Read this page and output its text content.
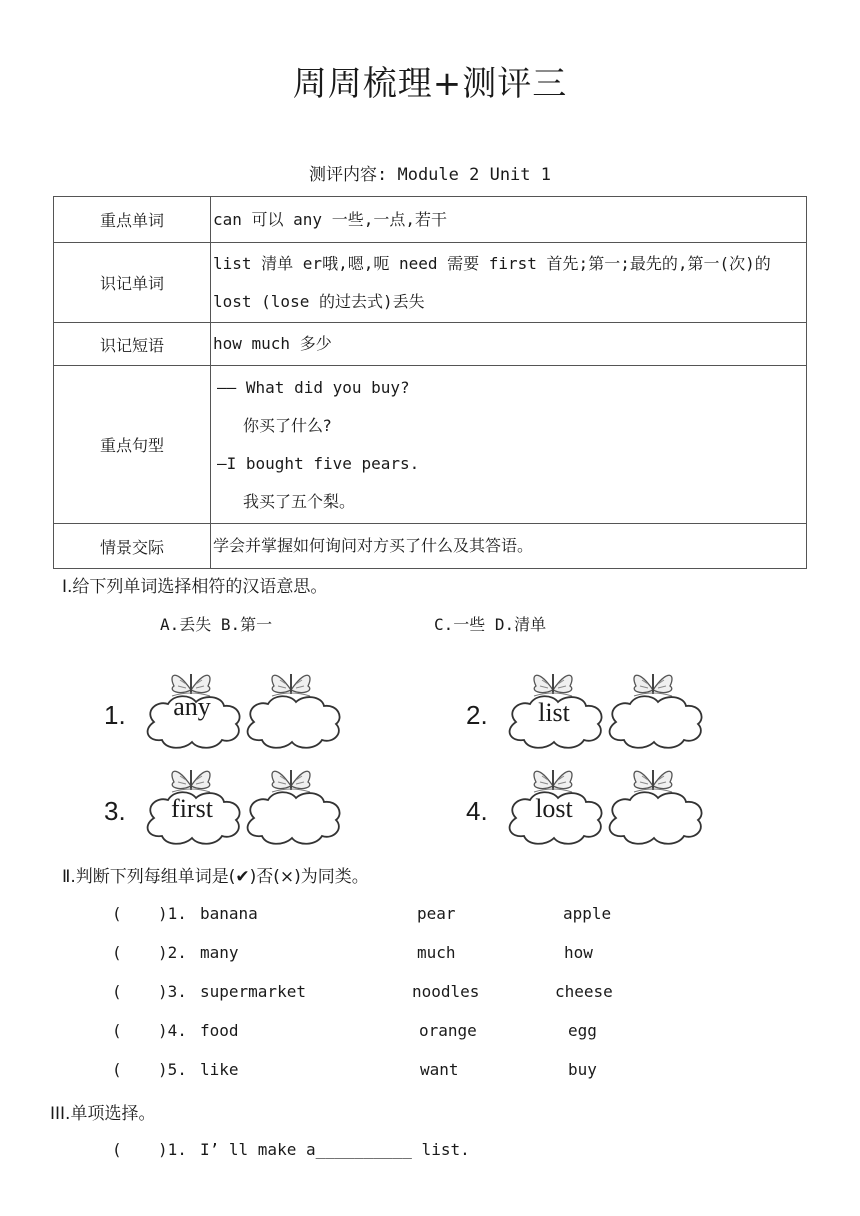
周周梳理+测评三
测评内容: Module 2 Unit 1
重点单词	can 可以 any 一些,一点,若干
识记单词	list 清单 er哦,嗯,呃 need 需要 first 首先;第一;最先的,第一(次)的 lost (lose 的过去式)丢失
识记短语	how much 多少
重点句型	—— What did you buy?
你买了什么?
—I bought five pears.
我买了五个梨。

情景交际	学会并掌握如何询问对方买了什么及其答语。
Ⅰ.给下列单词选择相符的汉语意思。
A.丢失 B.第一	C.一些 D.清单
1.	any	2.	list
3.	first	4.	lost
Ⅱ.判断下列每组单词是(✔)否(×)为同类。
( )1. banana	pear	apple
( )2. many	much	how
( )3. supermarket	noodles	cheese
( )4. food	orange	egg
( )5. like	want	buy
III.单项选择。
( )1. I’ ll make a__________ list.
